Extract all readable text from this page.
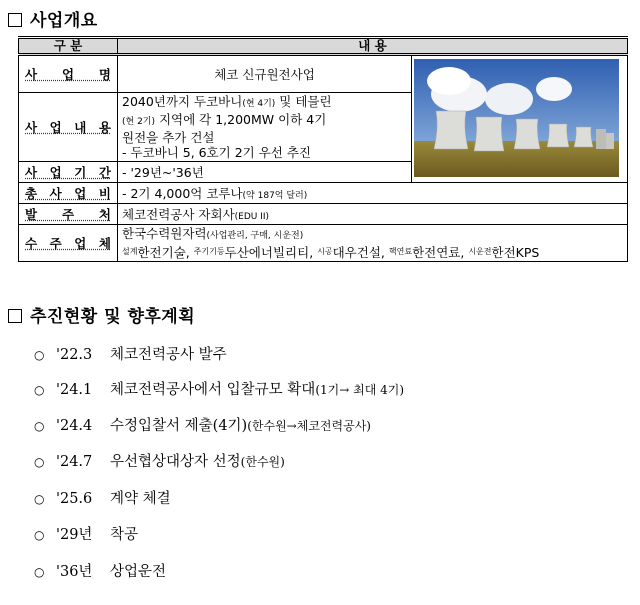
사업개요
구 분	내 용	
사 업 명	체코 신규원전사업	
사 업 내 용	2040년까지 두코바니(현 4기) 및 테믈린
(현 2기) 지역에 각 1,200MW 이하 4기
원전을 추가 건설
- 두코바니 5, 6호기 2기 우선 추진	
사 업 기 간	- '29년~'36년	
총 사 업 비	- 2기 4,000억 코루나(약 187억 달러)	
발 주 처	체코전력공사 자회사(EDU II)	
수 주 업 체	한국수력원자력(사업관리, 구매, 시운전)
$^{설계}$한전기술, $^{주기기등}$두산에너빌리티, $^{시공}$대우건설, $^{핵연료}$한전연료, $^{시운전}$한전KPS	
추진현황 및 향후계획
○ '22.3 체코전력공사 발주
○ '24.1 체코전력공사에서 입찰규모 확대(1기→ 최대 4기)
○ '24.4 수정입찰서 제출(4기)(한수원→체코전력공사)
○ '24.7 우선협상대상자 선정(한수원)
○ '25.6 계약 체결
○ '29년 착공
○ '36년 상업운전
